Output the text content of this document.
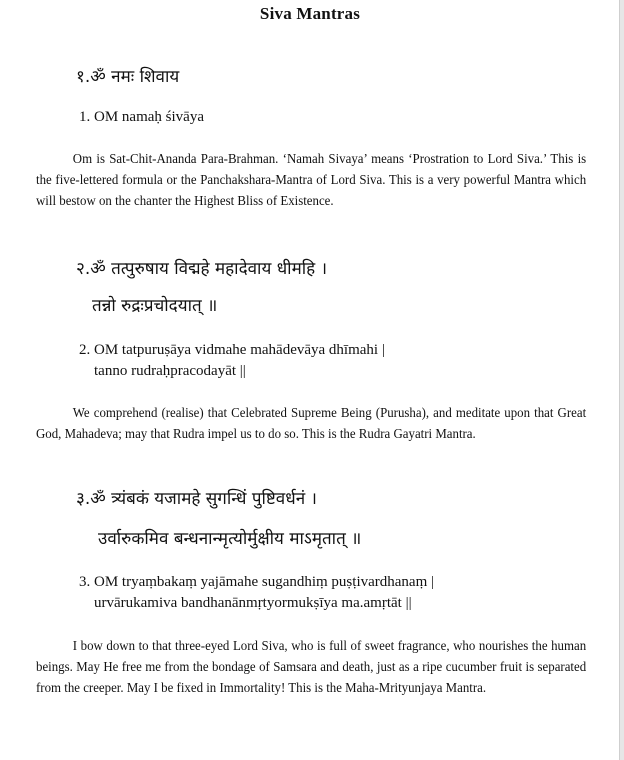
Siva Mantras
१.ॐ नमः शिवाय
1. OM namaḥ śivāya
Om is Sat-Chit-Ananda Para-Brahman. ‘Namah Sivaya’ means ‘Prostration to Lord Siva.’ This is the five-lettered formula or the Panchakshara-Mantra of Lord Siva. This is a very powerful Mantra which will bestow on the chanter the Highest Bliss of Existence.
२.ॐ तत्पुरुषाय विद्महे महादेवाय धीमहि ।
तन्नो रुद्रःप्रचोदयात् ॥
2. OM tatpuruṣāya vidmahe mahādevāya dhīmahi |
tanno rudraḥpracodayāt ||
We comprehend (realise) that Celebrated Supreme Being (Purusha), and meditate upon that Great God, Mahadeva; may that Rudra impel us to do so. This is the Rudra Gayatri Mantra.
३.ॐ त्र्यंबकं यजामहे सुगन्धिं पुष्टिवर्धनं ।
उर्वारुकमिव बन्धनान्मृत्योर्मुक्षीय माऽमृतात् ॥
3. OM tryaṃbakaṃ yajāmahe sugandhiṃ puṣṭivardhanaṃ |
urvārukamiva bandhanānmṛtyormukṣīya ma.amṛtāt ||
I bow down to that three-eyed Lord Siva, who is full of sweet fragrance, who nourishes the human beings. May He free me from the bondage of Samsara and death, just as a ripe cucumber fruit is separated from the creeper. May I be fixed in Immortality! This is the Maha-Mrityunjaya Mantra.
